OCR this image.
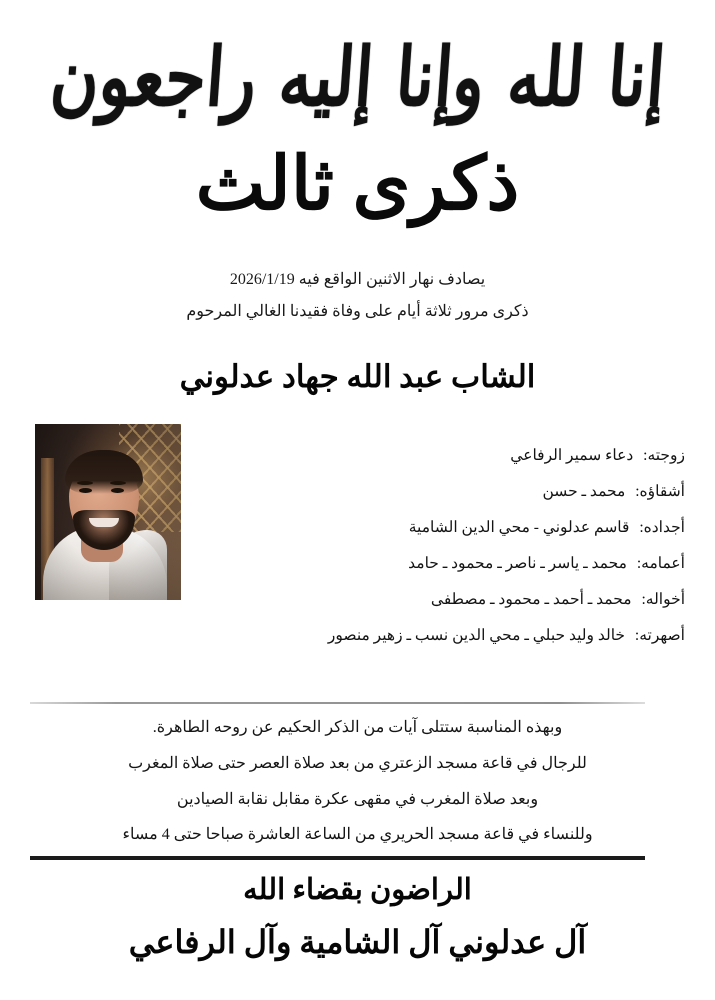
إنا لله وإنا إليه راجعون
ذكرى ثالث

يصادف نهار الاثنين الواقع فيه 2026/1/19

ذكرى مرور ثلاثة أيام على وفاة فقيدنا الغالي المرحوم

الشاب عبد الله جهاد عدلوني
زوجته: دعاء سمير الرفاعي
أشقاؤه: محمد ـ حسن
أجداده: قاسم عدلوني - محي الدين الشامية
أعمامه: محمد ـ ياسر ـ ناصر ـ محمود ـ حامد
أخواله: محمد ـ أحمد ـ محمود ـ مصطفى
أصهرته: خالد وليد حبلي ـ محي الدين نسب ـ زهير منصور

وبهذه المناسبة ستتلى آيات من الذكر الحكيم عن روحه الطاهرة.

للرجال في قاعة مسجد الزعتري من بعد صلاة العصر حتى صلاة المغرب

وبعد صلاة المغرب في مقهى عكرة مقابل نقابة الصيادين

وللنساء في قاعة مسجد الحريري من الساعة العاشرة صباحا حتى 4 مساء

الراضون بقضاء الله
آل عدلوني آل الشامية وآل الرفاعي
